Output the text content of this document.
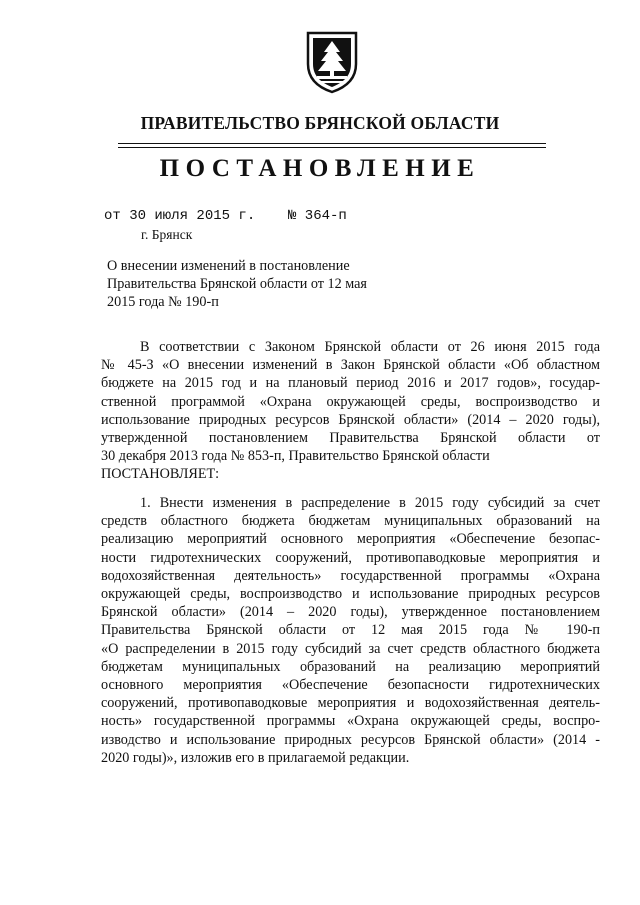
ПРАВИТЕЛЬСТВО БРЯНСКОЙ ОБЛАСТИ
ПОСТАНОВЛЕНИЕ
от 30 июля 2015 г. № 364-п
г. Брянск
О внесении изменений в постановление
Правительства Брянской области от 12 мая
2015 года № 190-п
В соответствии с Законом Брянской области от 26 июня 2015 года
№ 45-З «О внесении изменений в Закон Брянской области «Об областном
бюджете на 2015 год и на плановый период 2016 и 2017 годов», государ-
ственной программой «Охрана окружающей среды, воспроизводство и
использование природных ресурсов Брянской области» (2014 – 2020 годы),
утвержденной постановлением Правительства Брянской области от
30 декабря 2013 года № 853-п, Правительство Брянской области
ПОСТАНОВЛЯЕТ:
1. Внести изменения в распределение в 2015 году субсидий за счет
средств областного бюджета бюджетам муниципальных образований на
реализацию мероприятий основного мероприятия «Обеспечение безопас-
ности гидротехнических сооружений, противопаводковые мероприятия и
водохозяйственная деятельность» государственной программы «Охрана
окружающей среды, воспроизводство и использование природных ресурсов
Брянской области» (2014 – 2020 годы), утвержденное постановлением
Правительства Брянской области от 12 мая 2015 года № 190-п
«О распределении в 2015 году субсидий за счет средств областного бюджета
бюджетам муниципальных образований на реализацию мероприятий
основного мероприятия «Обеспечение безопасности гидротехнических
сооружений, противопаводковые мероприятия и водохозяйственная деятель-
ность» государственной программы «Охрана окружающей среды, воспро-
изводство и использование природных ресурсов Брянской области» (2014 -
2020 годы)», изложив его в прилагаемой редакции.
